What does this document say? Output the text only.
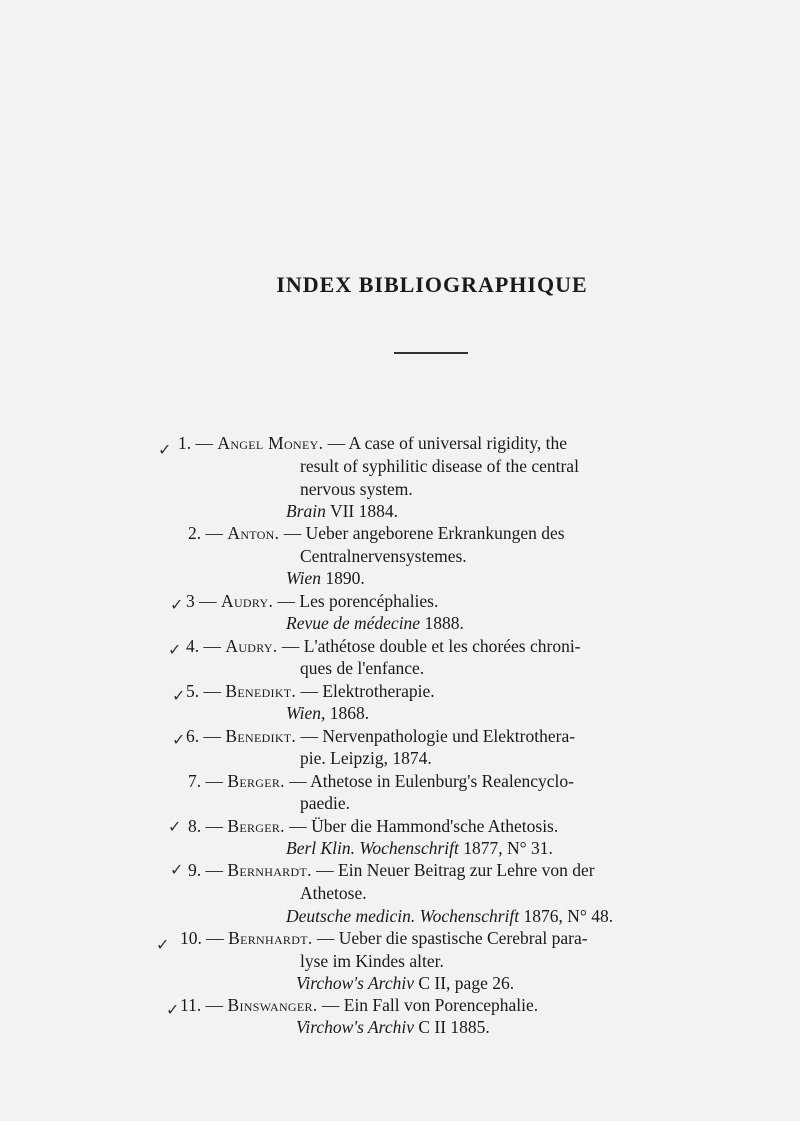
INDEX BIBLIOGRAPHIQUE
✓
✓
✓
✓
✓
✓
✓
✓
✓
1. — Angel Money. — A case of universal rigidity, the
result of syphilitic disease of the central
nervous system.
Brain VII 1884.
2. — Anton. — Ueber angeborene Erkrankungen des
Centralnervensystemes.
Wien 1890.
3 — Audry. — Les porencéphalies.
Revue de médecine 1888.
4. — Audry. — L'athétose double et les chorées chroni-
ques de l'enfance.
5. — Benedikt. — Elektrotherapie.
Wien, 1868.
6. — Benedikt. — Nervenpathologie und Elektrothera-
pie. Leipzig, 1874.
7. — Berger. — Athetose in Eulenburg's Realencyclo-
paedie.
8. — Berger. — Über die Hammond'sche Athetosis.
Berl Klin. Wochenschrift 1877, N° 31.
9. — Bernhardt. — Ein Neuer Beitrag zur Lehre von der
Athetose.
Deutsche medicin. Wochenschrift 1876, N° 48.
10. — Bernhardt. — Ueber die spastische Cerebral para-
lyse im Kindes alter.
Virchow's Archiv C II, page 26.
11. — Binswanger. — Ein Fall von Porencephalie.
Virchow's Archiv C II 1885.
